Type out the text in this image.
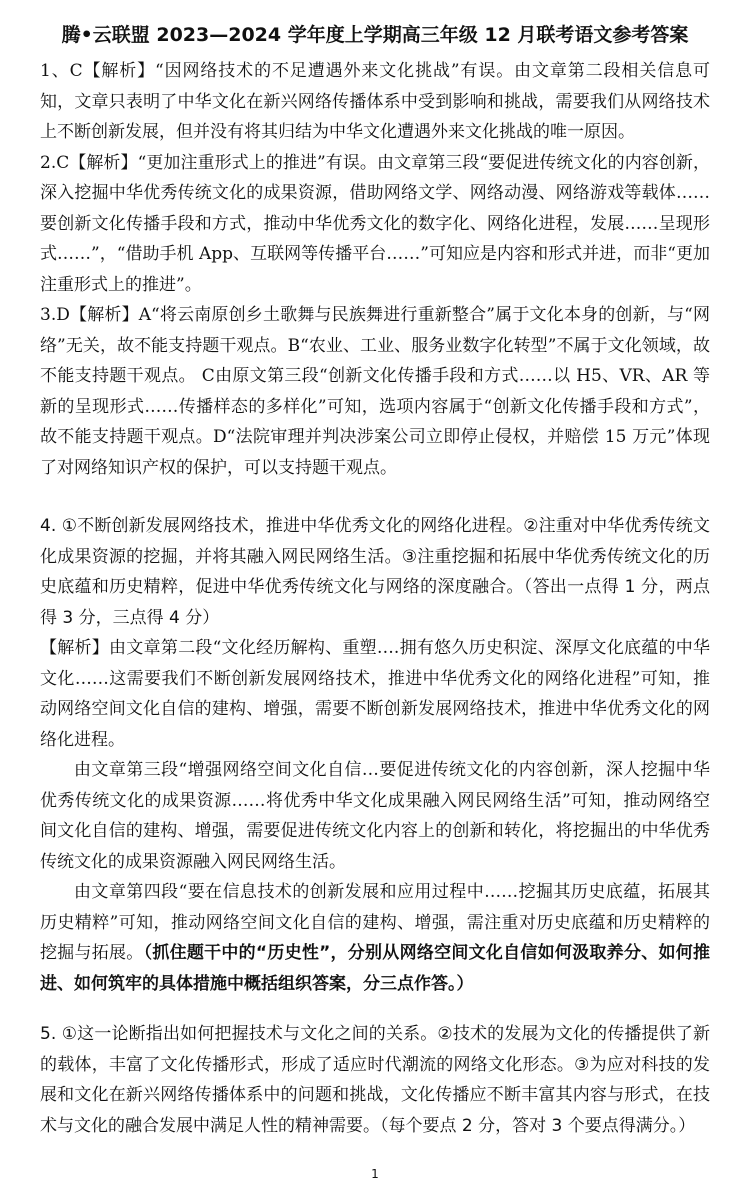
腾•云联盟 2023—2024 学年度上学期高三年级 12 月联考语文参考答案

1、C【解析】“因网络技术的不足遭遇外来文化挑战”有误。由文章第二段相关信息可知，文章只表明了中华文化在新兴网络传播体系中受到影响和挑战，需要我们从网络技术上不断创新发展，但并没有将其归结为中华文化遭遇外来文化挑战的唯一原因。

2.C【解析】“更加注重形式上的推进”有误。由文章第三段“要促进传统文化的内容创新，深入挖掘中华优秀传统文化的成果资源，借助网络文学、网络动漫、网络游戏等载体……要创新文化传播手段和方式，推动中华优秀文化的数字化、网络化进程，发展……呈现形式……”，“借助手机 App、互联网等传播平台……”可知应是内容和形式并进，而非“更加注重形式上的推进”。

3.D【解析】A“将云南原创乡土歌舞与民族舞进行重新整合”属于文化本身的创新，与“网络”无关，故不能支持题干观点。B“农业、工业、服务业数字化转型”不属于文化领域，故不能支持题干观点。 C由原文第三段“创新文化传播手段和方式……以 H5、VR、AR 等新的呈现形式……传播样态的多样化”可知，选项内容属于“创新文化传播手段和方式”，故不能支持题干观点。D“法院审理并判决涉案公司立即停止侵权，并赔偿 15 万元”体现了对网络知识产权的保护，可以支持题干观点。

4. ①不断创新发展网络技术，推进中华优秀文化的网络化进程。②注重对中华优秀传统文化成果资源的挖掘，并将其融入网民网络生活。③注重挖掘和拓展中华优秀传统文化的历史底蕴和历史精粹，促进中华优秀传统文化与网络的深度融合。（答出一点得 1 分，两点得 3 分，三点得 4 分）

【解析】由文章第二段“文化经历解构、重塑….拥有悠久历史积淀、深厚文化底蕴的中华文化……这需要我们不断创新发展网络技术，推进中华优秀文化的网络化进程”可知，推动网络空间文化自信的建构、增强，需要不断创新发展网络技术，推进中华优秀文化的网络化进程。

由文章第三段“增强网络空间文化自信…要促进传统文化的内容创新，深人挖掘中华优秀传统文化的成果资源……将优秀中华文化成果融入网民网络生活”可知，推动网络空间文化自信的建构、增强，需要促进传统文化内容上的创新和转化，将挖掘出的中华优秀传统文化的成果资源融入网民网络生活。

由文章第四段“要在信息技术的创新发展和应用过程中……挖掘其历史底蕴，拓展其历史精粹”可知，推动网络空间文化自信的建构、增强，需注重对历史底蕴和历史精粹的挖掘与拓展。（抓住题干中的“历史性”，分别从网络空间文化自信如何汲取养分、如何推进、如何筑牢的具体措施中概括组织答案，分三点作答。）

5. ①这一论断指出如何把握技术与文化之间的关系。②技术的发展为文化的传播提供了新的载体，丰富了文化传播形式，形成了适应时代潮流的网络文化形态。③为应对科技的发展和文化在新兴网络传播体系中的问题和挑战，文化传播应不断丰富其内容与形式，在技术与文化的融合发展中满足人性的精神需要。（每个要点 2 分，答对 3 个要点得满分。）

1
